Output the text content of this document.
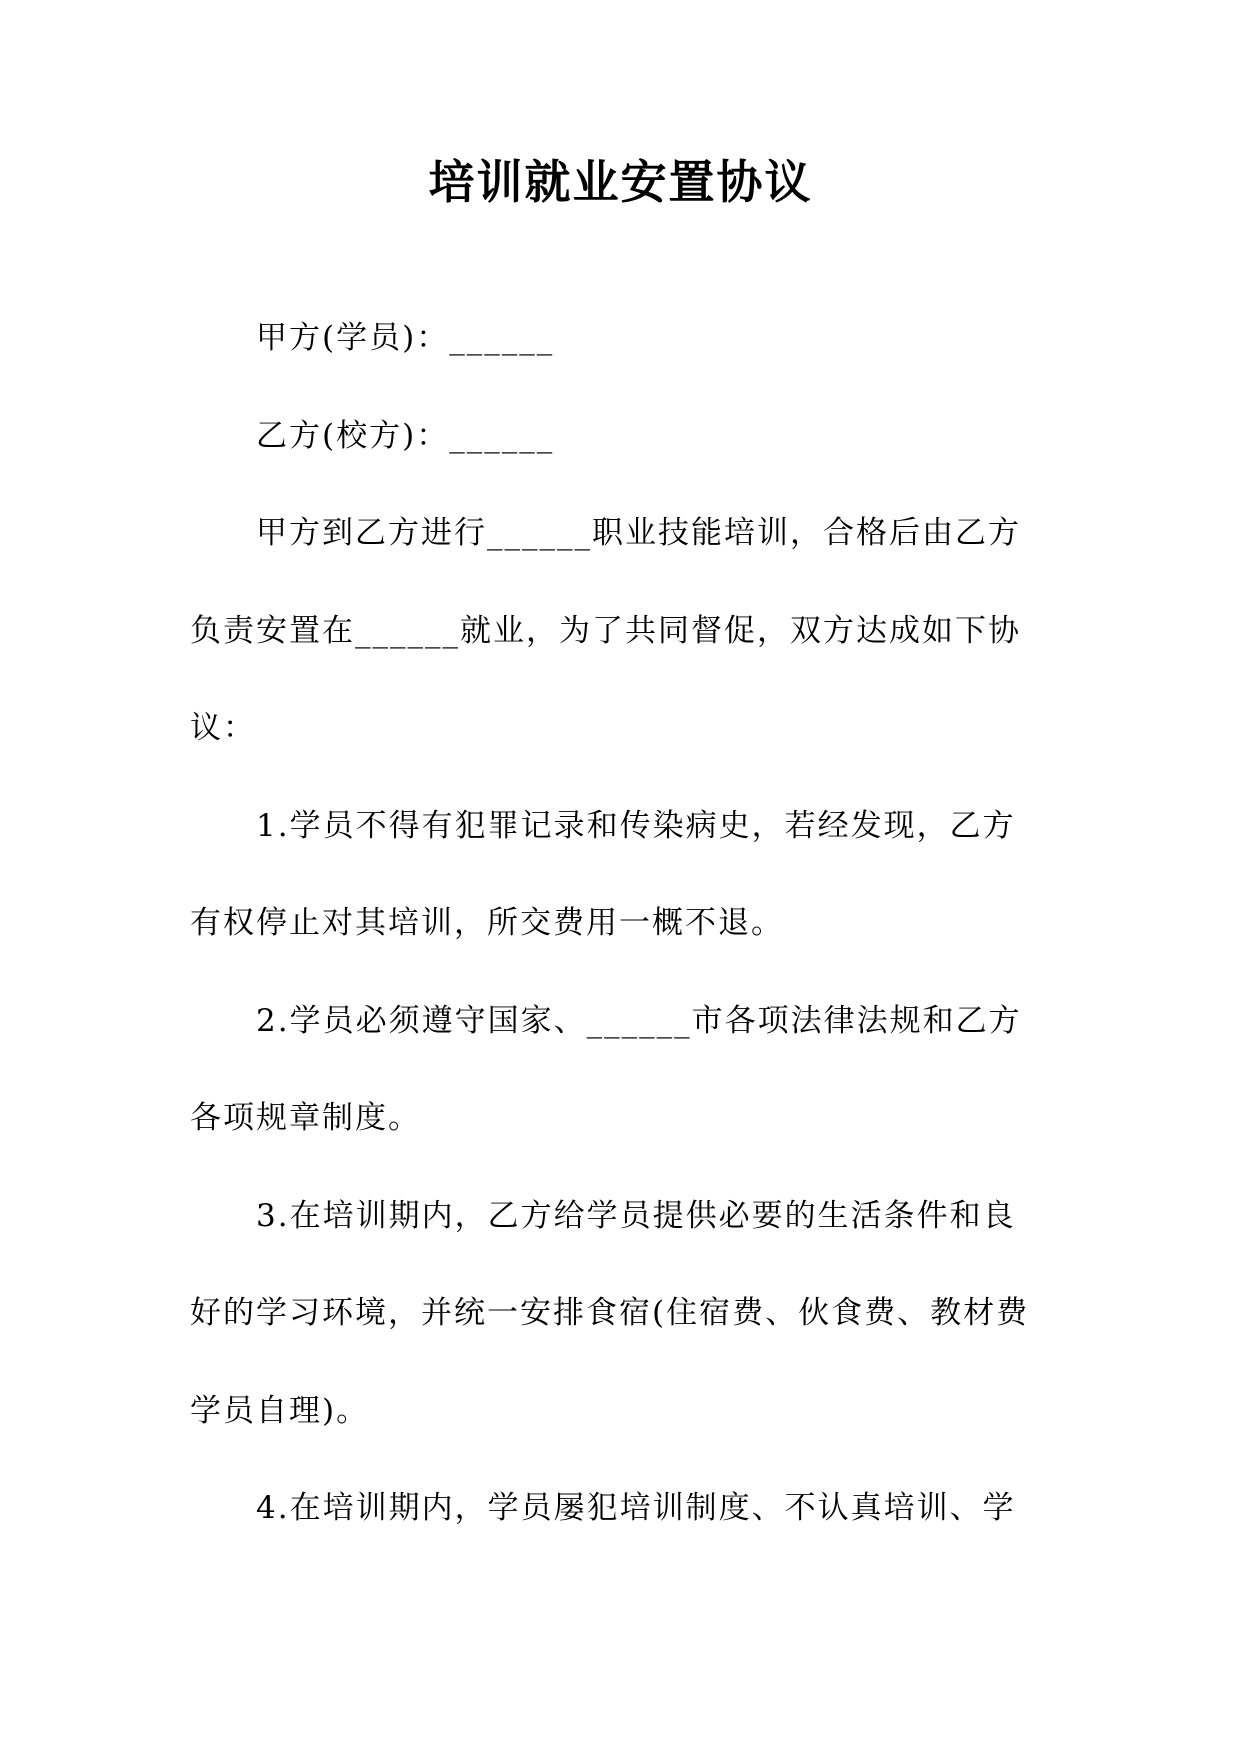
培训就业安置协议

甲方(学员)：______

乙方(校方)：______

甲方到乙方进行______职业技能培训，合格后由乙方负责安置在______就业，为了共同督促，双方达成如下协议：

1.学员不得有犯罪记录和传染病史，若经发现，乙方有权停止对其培训，所交费用一概不退。

2.学员必须遵守国家、______市各项法律法规和乙方各项规章制度。

3.在培训期内，乙方给学员提供必要的生活条件和良好的学习环境，并统一安排食宿(住宿费、伙食费、教材费学员自理)。

4.在培训期内，学员屡犯培训制度、不认真培训、学
